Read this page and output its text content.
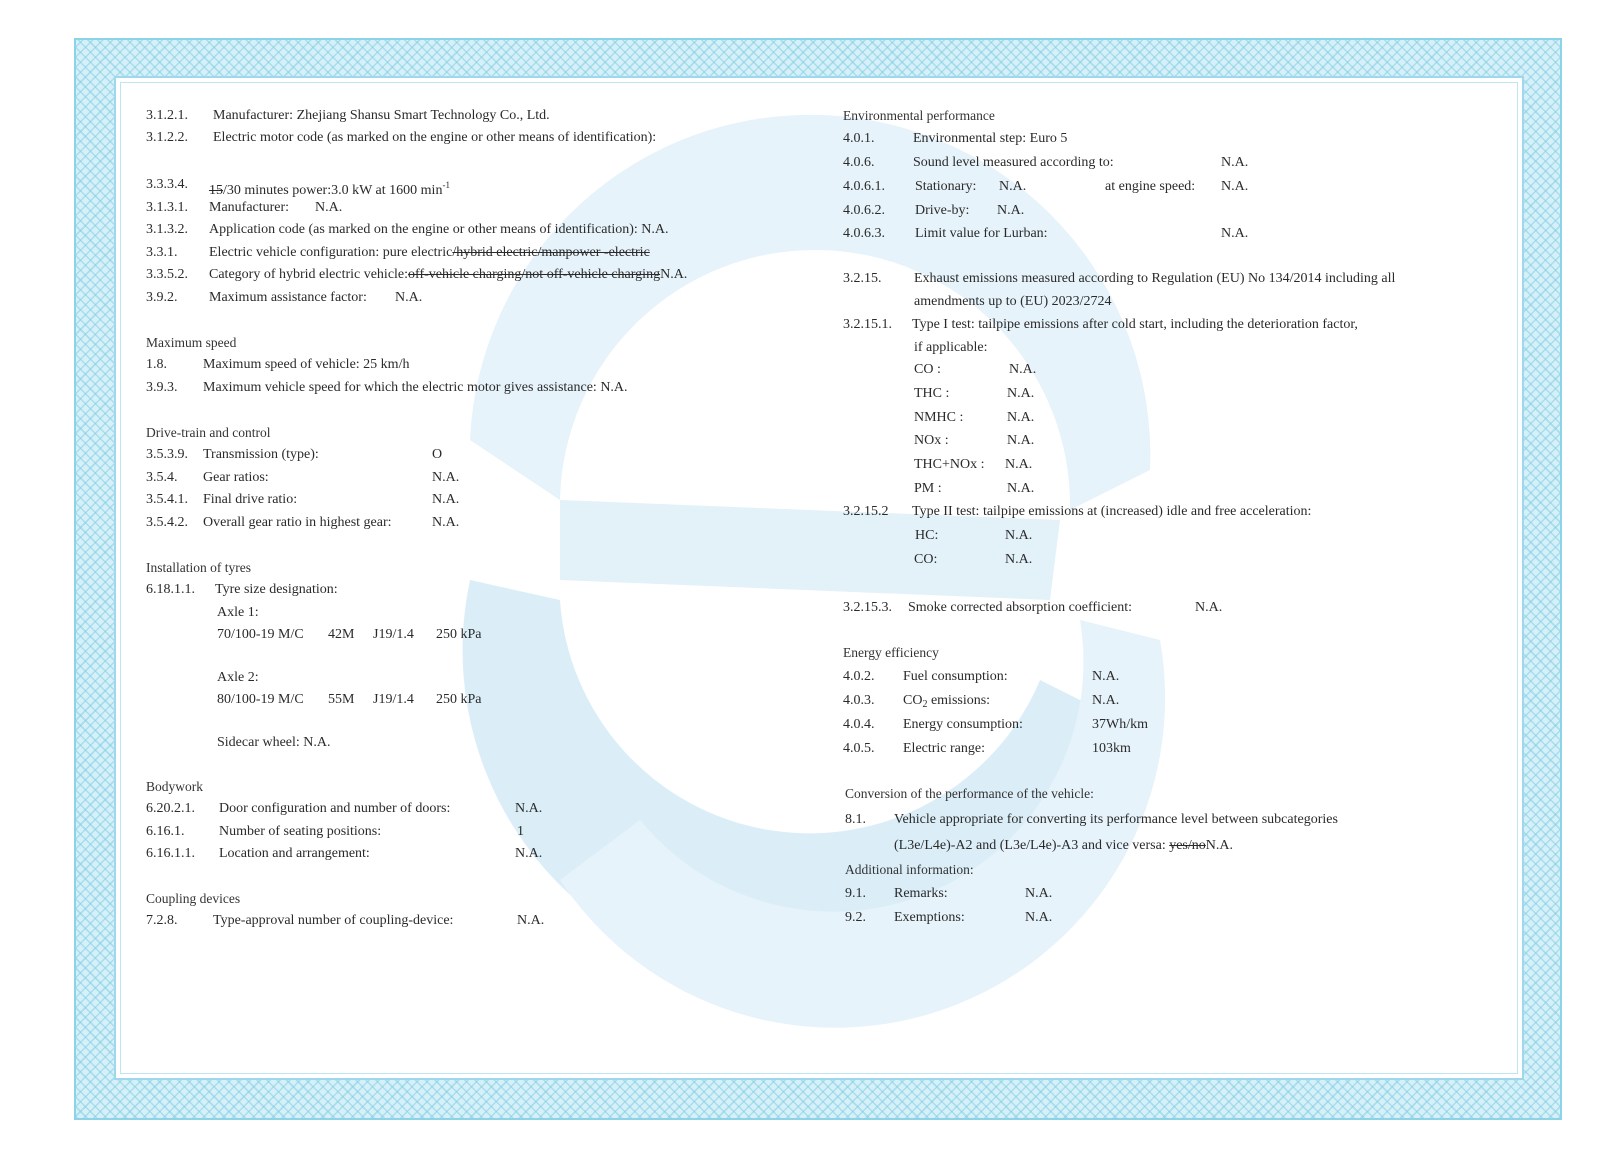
3.1.2.1. Manufacturer: Zhejiang Shansu Smart Technology Co., Ltd.
3.1.2.2. Electric motor code (as marked on the engine or other means of identification):
3.3.3.4. 15/30 minutes power:3.0 kW at 1600 $\min^{-1}$
3.1.3.1. Manufacturer: N.A.
3.1.3.2. Application code (as marked on the engine or other means of identification): N.A.
3.3.1. Electric vehicle configuration: pure electric/hybrid electric/manpower -electric
3.3.5.2. Category of hybrid electric vehicle:off-vehicle charging/not off-vehicle chargingN.A.
3.9.2. Maximum assistance factor: N.A.
Maximum speed
1.8.	Maximum speed of vehicle: 25 km/h
3.9.3. Maximum vehicle speed for which the electric motor gives assistance: N.A.
Drive-train and control
3.5.3.9. Transmission (type):	O
3.5.4. Gear ratios:	N.A.
3.5.4.1. Final drive ratio:	N.A.
3.5.4.2. Overall gear ratio in highest gear:	N.A.
Installation of tyres
6.18.1.1. Tyre size designation:
Axle 1:
70/100-19 M/C 42M J19/1.4 250 kPa
Axle 2:
80/100-19 M/C 55M J19/1.4 250 kPa
Sidecar wheel: N.A.
Bodywork
6.20.2.1. Door configuration and number of doors:	N.A.
6.16.1. Number of seating positions:	1
6.16.1.1. Location and arrangement:	N.A.
Coupling devices
7.2.8.	Type-approval number of coupling-device:	N.A.
Environmental performance
4.0.1.	Environmental step: Euro 5
4.0.6.	Sound level measured according to:	N.A.
4.0.6.1. Stationary: N.A.	at engine speed: N.A.
4.0.6.2. Drive-by: N.A.
4.0.6.3. Limit value for Lurban:	N.A.
3.2.15. Exhaust emissions measured according to Regulation (EU) No 134/2014 including all
amendments up to (EU) 2023/2724
3.2.15.1. Type I test: tailpipe emissions after cold start, including the deterioration factor,
if applicable:
CO :	N.A.
THC :	N.A.
NMHC :	N.A.
NOx :	N.A.
THC+NOx : N.A.
PM :	N.A.
3.2.15.2 Type II test: tailpipe emissions at (increased) idle and free acceleration:
HC:	N.A.
CO:	N.A.
3.2.15.3. Smoke corrected absorption coefficient:	N.A.
Energy efficiency
4.0.2. Fuel consumption:	N.A.
4.0.3. $CO_2$ emissions:	N.A.
4.0.4. Energy consumption:	37Wh/km
4.0.5. Electric range:	103km
Conversion of the performance of the vehicle:
8.1. Vehicle appropriate for converting its performance level between subcategories
(L3e/L4e)-A2 and (L3e/L4e)-A3 and vice versa: yes/noN.A.
Additional information:
9.1. Remarks:	N.A.
9.2. Exemptions:	N.A.
